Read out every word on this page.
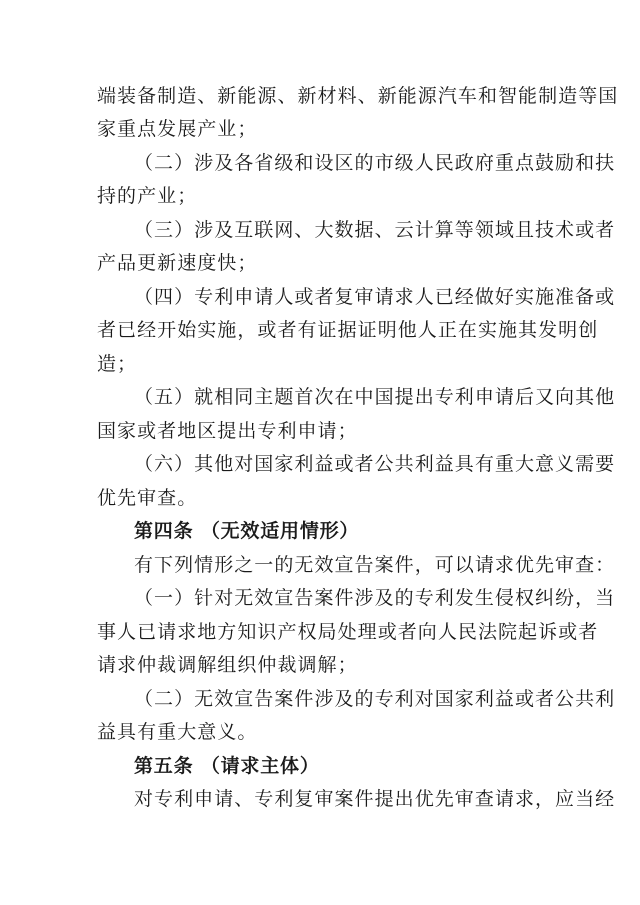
端装备制造、新能源、新材料、新能源汽车和智能制造等国
家重点发展产业；
（二）涉及各省级和设区的市级人民政府重点鼓励和扶
持的产业；
（三）涉及互联网、大数据、云计算等领域且技术或者
产品更新速度快；
（四）专利申请人或者复审请求人已经做好实施准备或
者已经开始实施，或者有证据证明他人正在实施其发明创
造；
（五）就相同主题首次在中国提出专利申请后又向其他
国家或者地区提出专利申请；
（六）其他对国家利益或者公共利益具有重大意义需要
优先审查。
第四条 （无效适用情形）
有下列情形之一的无效宣告案件，可以请求优先审查：
（一）针对无效宣告案件涉及的专利发生侵权纠纷，当
事人已请求地方知识产权局处理或者向人民法院起诉或者
请求仲裁调解组织仲裁调解；
（二）无效宣告案件涉及的专利对国家利益或者公共利
益具有重大意义。
第五条 （请求主体）
对专利申请、专利复审案件提出优先审查请求，应当经
